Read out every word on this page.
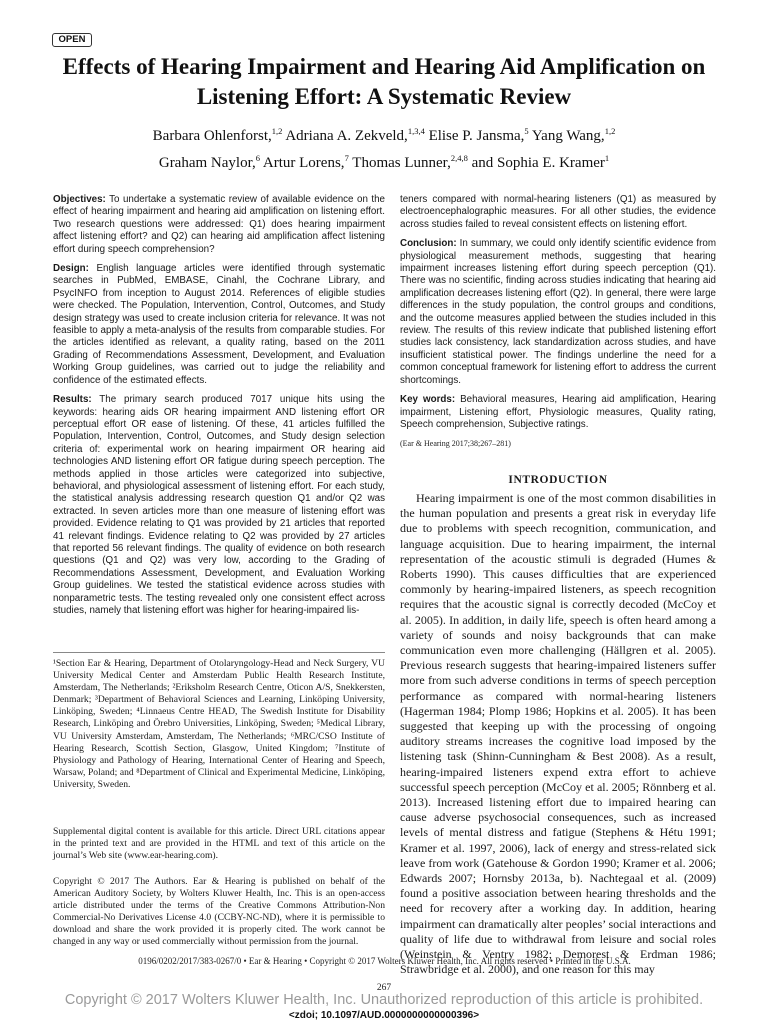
OPEN
Effects of Hearing Impairment and Hearing Aid Amplification on Listening Effort: A Systematic Review
Barbara Ohlenforst,$^{1,2}$ Adriana A. Zekveld,$^{1,3,4}$ Elise P. Jansma,$^5$ Yang Wang,$^{1,2}$
Graham Naylor,$^6$ Artur Lorens,$^7$ Thomas Lunner,$^{2,4,8}$ and Sophia E. Kramer$^1$

Objectives: To undertake a systematic review of available evidence on the effect of hearing impairment and hearing aid amplification on listening effort. Two research questions were addressed: Q1) does hearing impairment affect listening effort? and Q2) can hearing aid amplification affect listening effort during speech comprehension?

Design: English language articles were identified through systematic searches in PubMed, EMBASE, Cinahl, the Cochrane Library, and PsycINFO from inception to August 2014. References of eligible studies were checked. The Population, Intervention, Control, Outcomes, and Study design strategy was used to create inclusion criteria for relevance. It was not feasible to apply a meta-analysis of the results from comparable studies. For the articles identified as relevant, a quality rating, based on the 2011 Grading of Recommendations Assessment, Development, and Evaluation Working Group guidelines, was carried out to judge the reliability and confidence of the estimated effects.

Results: The primary search produced 7017 unique hits using the keywords: hearing aids OR hearing impairment AND listening effort OR perceptual effort OR ease of listening. Of these, 41 articles fulfilled the Population, Intervention, Control, Outcomes, and Study design selection criteria of: experimental work on hearing impairment OR hearing aid technologies AND listening effort OR fatigue during speech perception. The methods applied in those articles were categorized into subjective, behavioral, and physiological assessment of listening effort. For each study, the statistical analysis addressing research question Q1 and/or Q2 was extracted. In seven articles more than one measure of listening effort was provided. Evidence relating to Q1 was provided by 21 articles that reported 41 relevant findings. Evidence relating to Q2 was provided by 27 articles that reported 56 relevant findings. The quality of evidence on both research questions (Q1 and Q2) was very low, according to the Grading of Recommendations Assessment, Development, and Evaluation Working Group guidelines. We tested the statistical evidence across studies with nonparametric tests. The testing revealed only one consistent effect across studies, namely that listening effort was higher for hearing-impaired lis-

¹Section Ear & Hearing, Department of Otolaryngology-Head and Neck Surgery, VU University Medical Center and Amsterdam Public Health Research Institute, Amsterdam, The Netherlands; ²Eriksholm Research Centre, Oticon A/S, Snekkersten, Denmark; ³Department of Behavioral Sciences and Learning, Linköping University, Linköping, Sweden; ⁴Linnaeus Centre HEAD, The Swedish Institute for Disability Research, Linköping and Örebro Universities, Linköping, Sweden; ⁵Medical Library, VU University Amsterdam, Amsterdam, The Netherlands; ⁶MRC/CSO Institute of Hearing Research, Scottish Section, Glasgow, United Kingdom; ⁷Institute of Physiology and Pathology of Hearing, International Center of Hearing and Speech, Warsaw, Poland; and ⁸Department of Clinical and Experimental Medicine, Linköping, University, Sweden.
Supplemental digital content is available for this article. Direct URL citations appear in the printed text and are provided in the HTML and text of this article on the journal’s Web site (www.ear-hearing.com).
Copyright © 2017 The Authors. Ear & Hearing is published on behalf of the American Auditory Society, by Wolters Kluwer Health, Inc. This is an open-access article distributed under the terms of the Creative Commons Attribution-Non Commercial-No Derivatives License 4.0 (CCBY-NC-ND), where it is permissible to download and share the work provided it is properly cited. The work cannot be changed in any way or used commercially without permission from the journal.

teners compared with normal-hearing listeners (Q1) as measured by electroencephalographic measures. For all other studies, the evidence across studies failed to reveal consistent effects on listening effort.

Conclusion: In summary, we could only identify scientific evidence from physiological measurement methods, suggesting that hearing impairment increases listening effort during speech perception (Q1). There was no scientific, finding across studies indicating that hearing aid amplification decreases listening effort (Q2). In general, there were large differences in the study population, the control groups and conditions, and the outcome measures applied between the studies included in this review. The results of this review indicate that published listening effort studies lack consistency, lack standardization across studies, and have insufficient statistical power. The findings underline the need for a common conceptual framework for listening effort to address the current shortcomings.

Key words: Behavioral measures, Hearing aid amplification, Hearing impairment, Listening effort, Physiologic measures, Quality rating, Speech comprehension, Subjective ratings.

(Ear & Hearing 2017;38;267–281)
INTRODUCTION

Hearing impairment is one of the most common disabilities in the human population and presents a great risk in everyday life due to problems with speech recognition, communication, and language acquisition. Due to hearing impairment, the internal representation of the acoustic stimuli is degraded (Humes & Roberts 1990). This causes difficulties that are experienced commonly by hearing-impaired listeners, as speech recognition requires that the acoustic signal is correctly decoded (McCoy et al. 2005). In addition, in daily life, speech is often heard among a variety of sounds and noisy backgrounds that can make communication even more challenging (Hällgren et al. 2005). Previous research suggests that hearing-impaired listeners suffer more from such adverse conditions in terms of speech perception performance as compared with normal-hearing listeners (Hagerman 1984; Plomp 1986; Hopkins et al. 2005). It has been suggested that keeping up with the processing of ongoing auditory streams increases the cognitive load imposed by the listening task (Shinn-Cunningham & Best 2008). As a result, hearing-impaired listeners expend extra effort to achieve successful speech perception (McCoy et al. 2005; Rönnberg et al. 2013). Increased listening effort due to impaired hearing can cause adverse psychosocial consequences, such as increased levels of mental distress and fatigue (Stephens & Hétu 1991; Kramer et al. 1997, 2006), lack of energy and stress-related sick leave from work (Gatehouse & Gordon 1990; Kramer et al. 2006; Edwards 2007; Hornsby 2013a, b). Nachtegaal et al. (2009) found a positive association between hearing thresholds and the need for recovery after a working day. In addition, hearing impairment can dramatically alter peoples’ social interactions and quality of life due to withdrawal from leisure and social roles (Weinstein & Ventry 1982; Demorest & Erdman 1986; Strawbridge et al. 2000), and one reason for this may

0196/0202/2017/383-0267/0 • Ear & Hearing • Copyright © 2017 Wolters Kluwer Health, Inc. All rights reserved • Printed in the U.S.A.
267
Copyright © 2017 Wolters Kluwer Health, Inc. Unauthorized reproduction of this article is prohibited.
<zdoi; 10.1097/AUD.0000000000000396>
